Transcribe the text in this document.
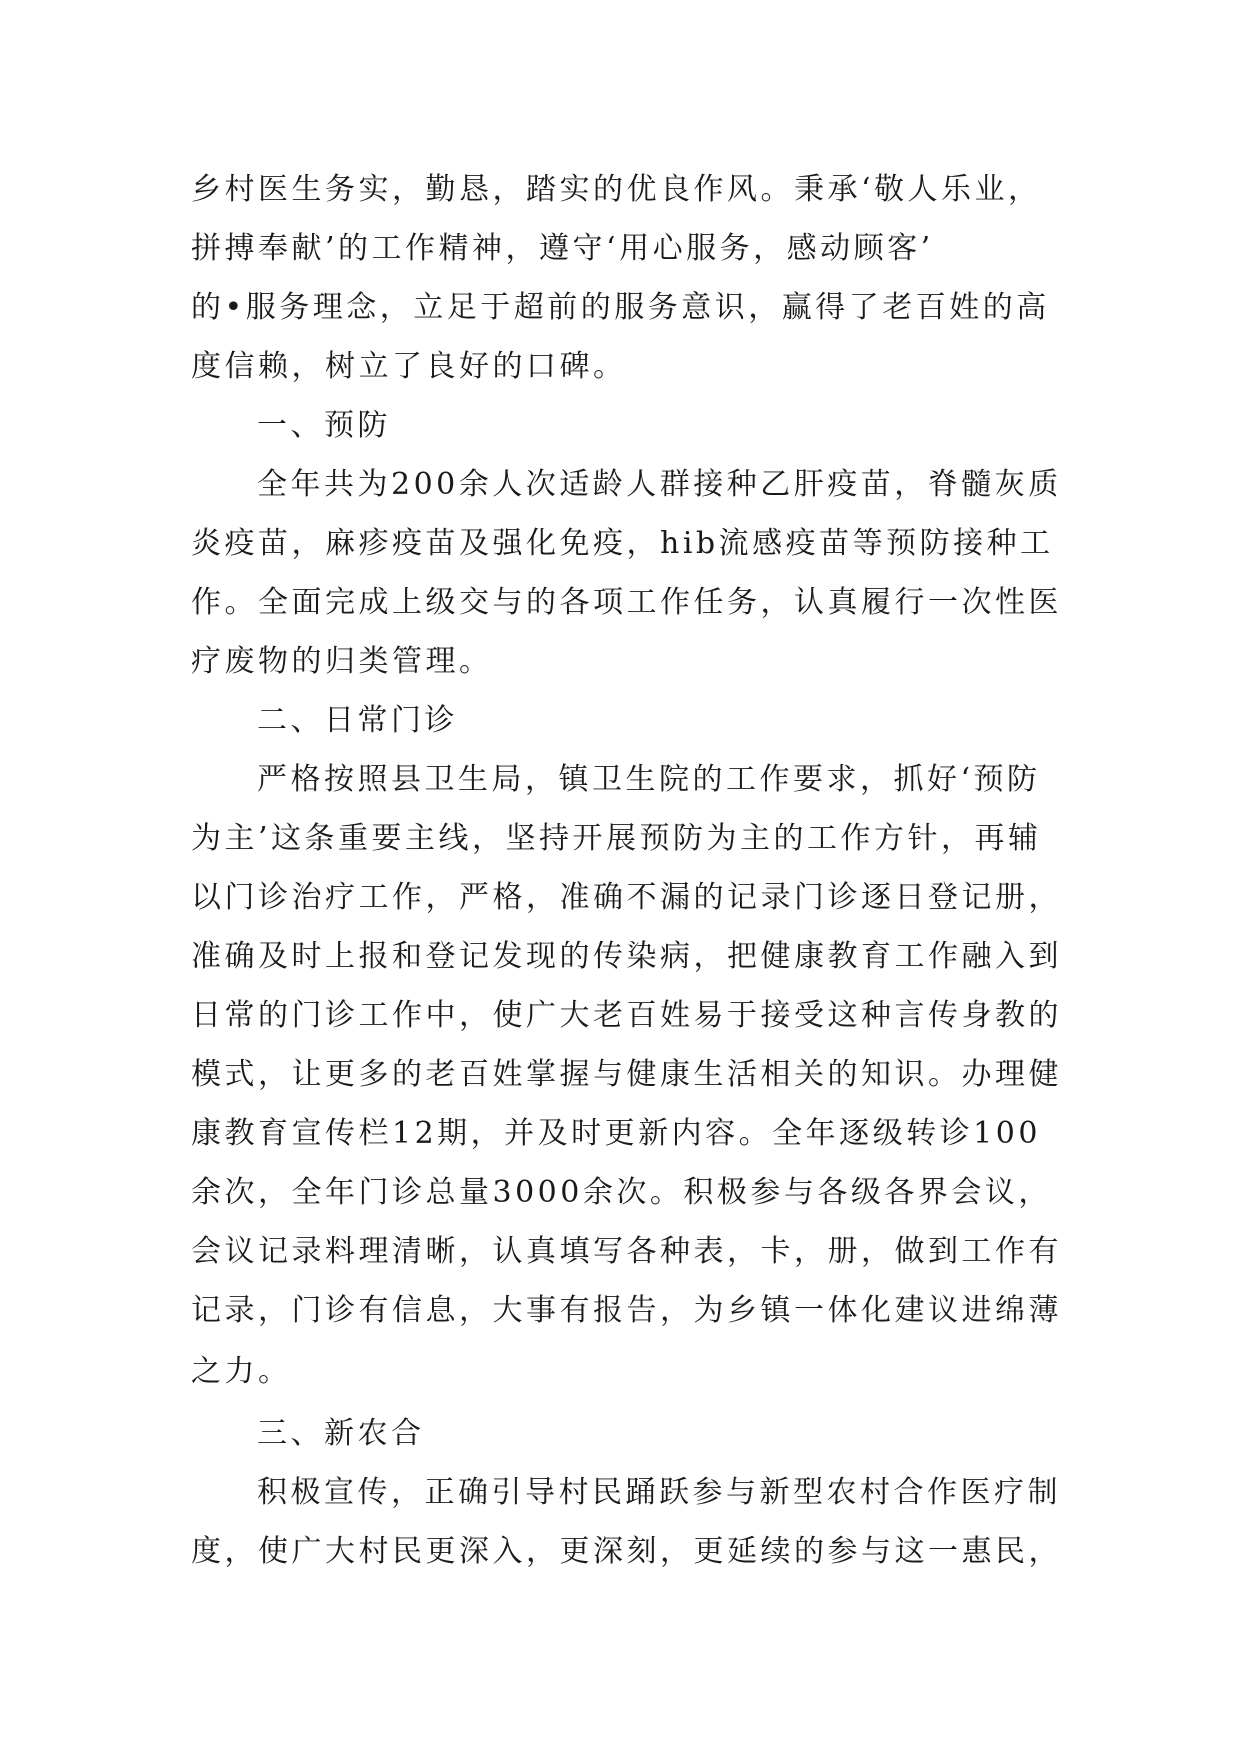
乡村医生务实，勤恳，踏实的优良作风。秉承‘敬人乐业，
拼搏奉献’的工作精神，遵守‘用心服务，感动顾客’
的•服务理念，立足于超前的服务意识，赢得了老百姓的高
度信赖，树立了良好的口碑。
一、预防
全年共为200余人次适龄人群接种乙肝疫苗，脊髓灰质
炎疫苗，麻疹疫苗及强化免疫，hib流感疫苗等预防接种工
作。全面完成上级交与的各项工作任务，认真履行一次性医
疗废物的归类管理。
二、日常门诊
严格按照县卫生局，镇卫生院的工作要求，抓好‘预防
为主’这条重要主线，坚持开展预防为主的工作方针，再辅
以门诊治疗工作，严格，准确不漏的记录门诊逐日登记册，
准确及时上报和登记发现的传染病，把健康教育工作融入到
日常的门诊工作中，使广大老百姓易于接受这种言传身教的
模式，让更多的老百姓掌握与健康生活相关的知识。办理健
康教育宣传栏12期，并及时更新内容。全年逐级转诊100
余次，全年门诊总量3000余次。积极参与各级各界会议，
会议记录料理清晰，认真填写各种表，卡，册，做到工作有
记录，门诊有信息，大事有报告，为乡镇一体化建议进绵薄
之力。
三、新农合
积极宣传，正确引导村民踊跃参与新型农村合作医疗制
度，使广大村民更深入，更深刻，更延续的参与这一惠民，
